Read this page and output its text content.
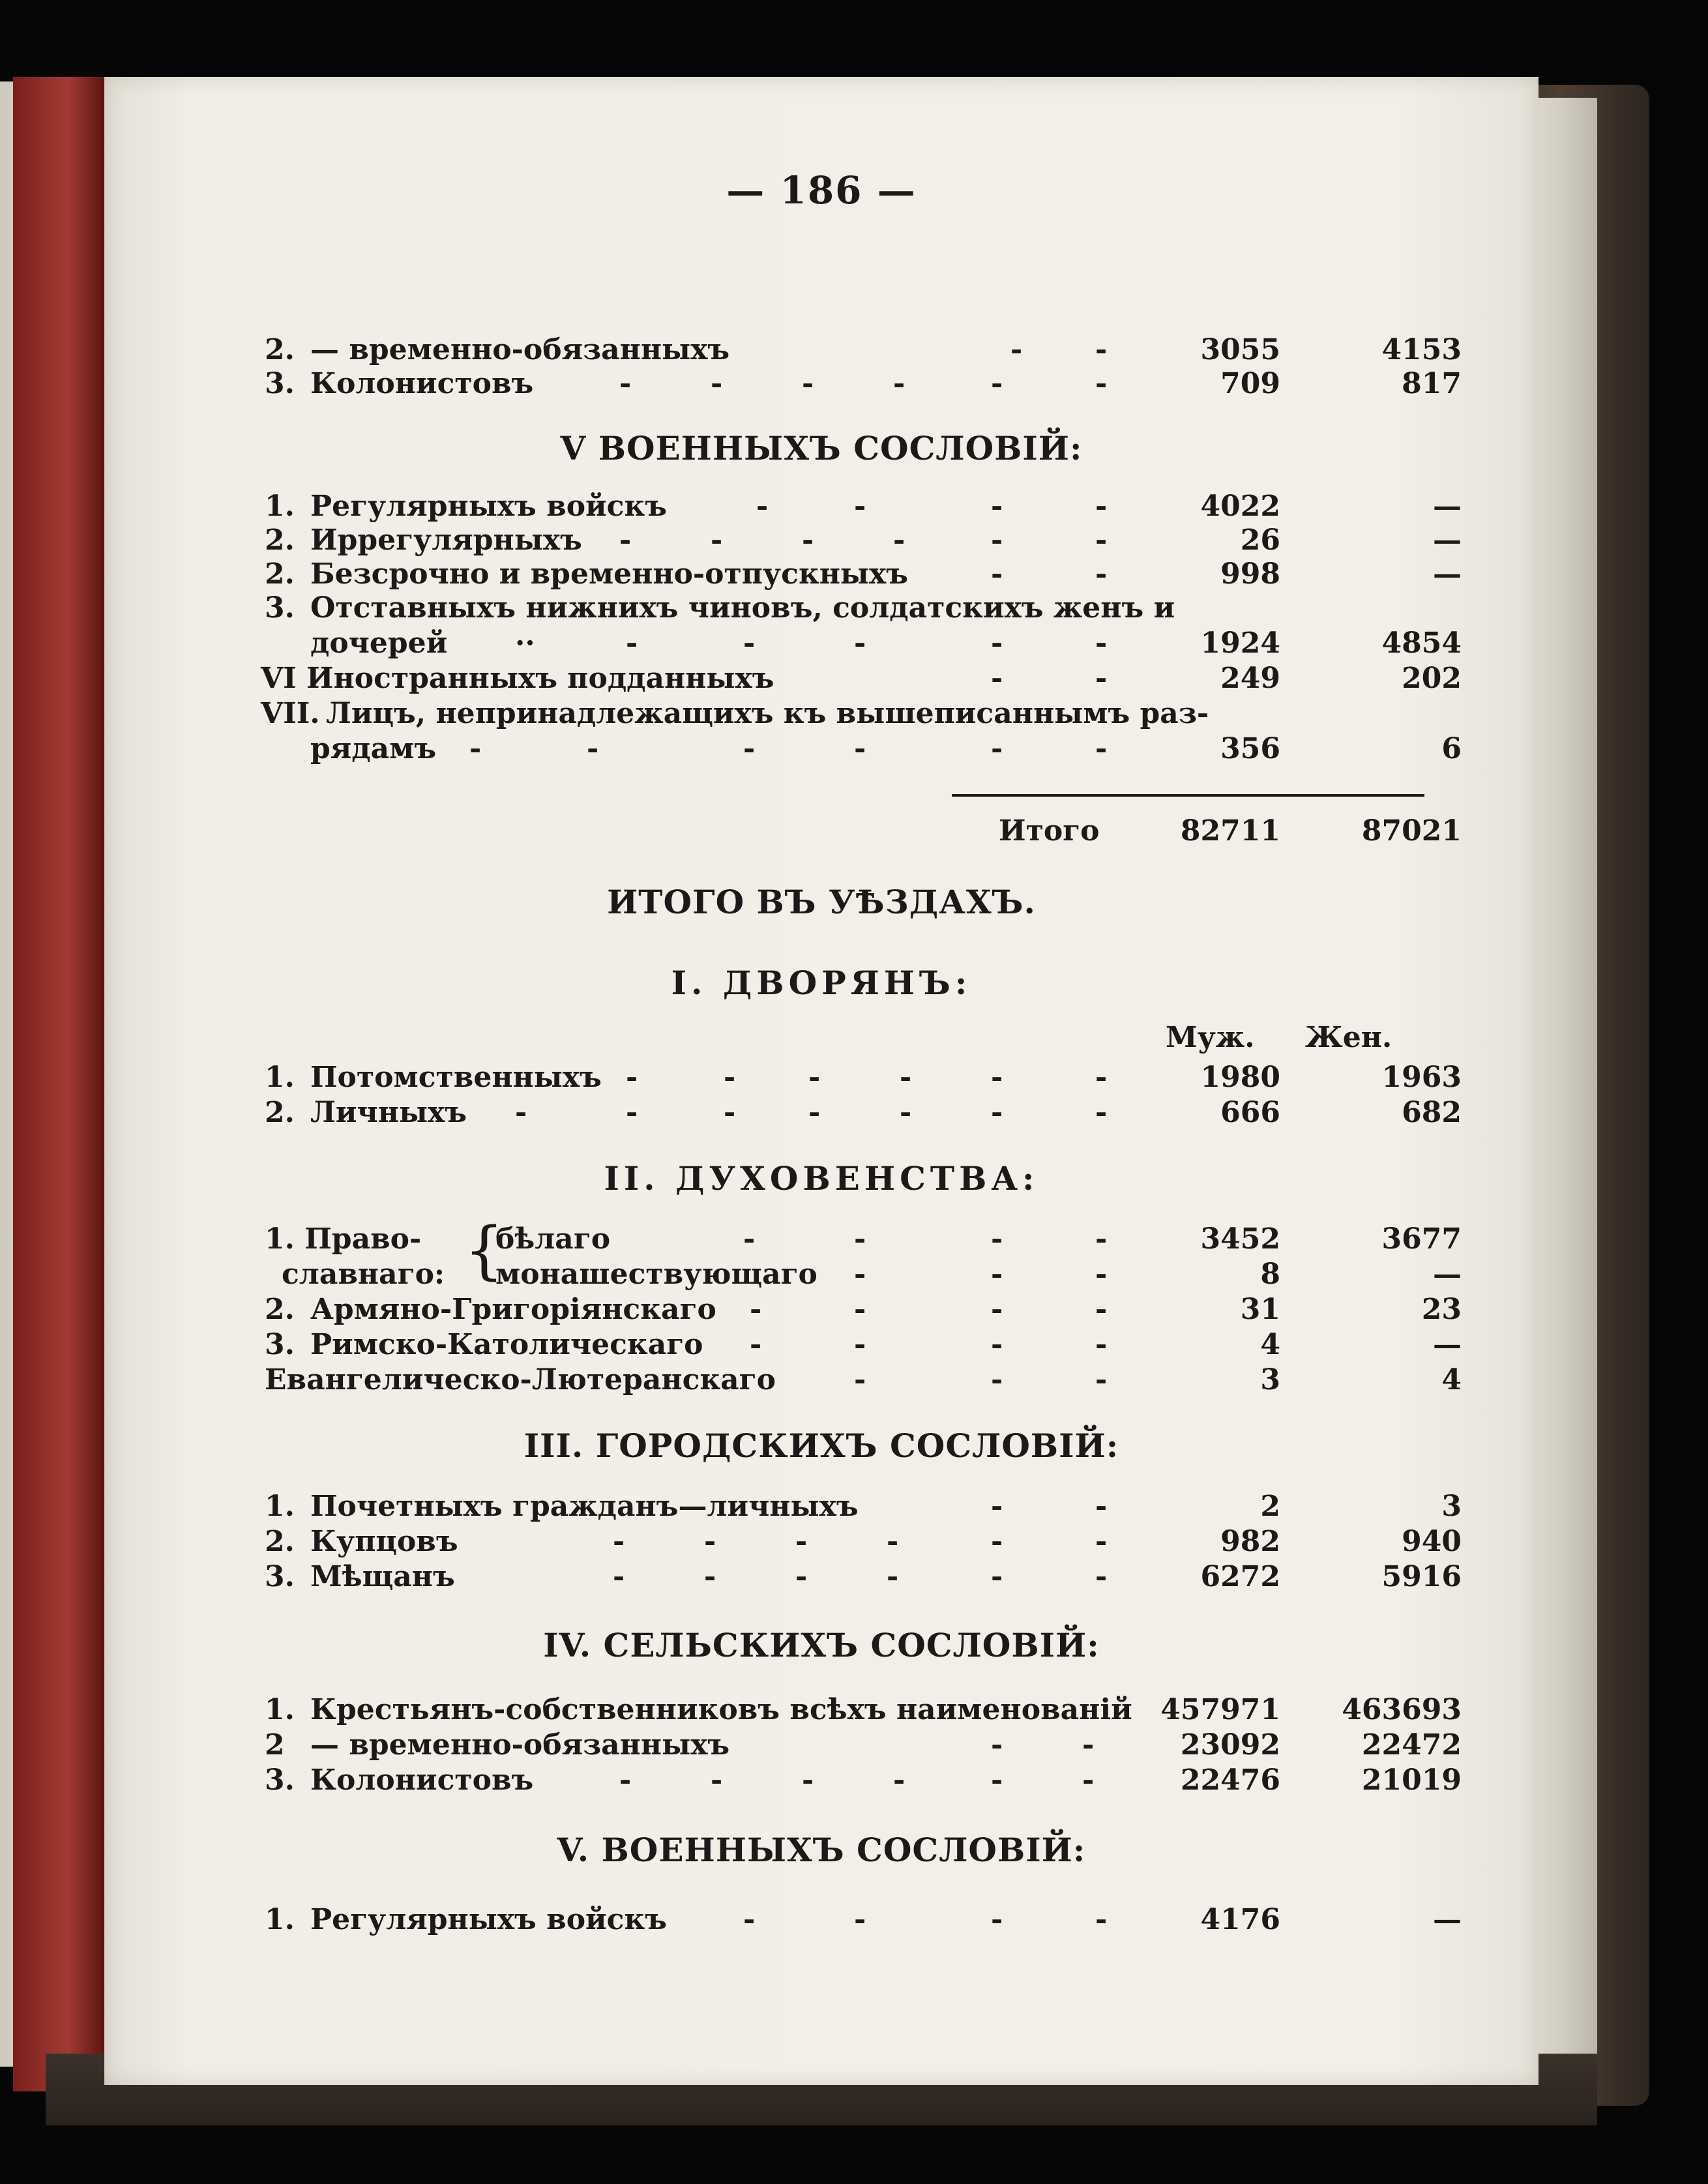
— 186 —
2. — временно-обязанныхъ	-	-	3055	4153
3. Колонистовъ	-	-	-	-	-	-	709	817
V ВОЕННЫХЪ СОСЛОВІЙ:
1. Регулярныхъ войскъ	-	-	-	-	4022	—
2. Иррегулярныхъ -	-	-	-	-	-	26	—
2. Безсрочно и временно-отпускныхъ	-	-	998	—
3. Отставныхъ нижнихъ чиновъ, солдатскихъ женъ и
дочерей ··	-	-	-	-	-	1924	4854
VI Иностранныхъ подданныхъ	-	-	249	202
VII. Лицъ, непринадлежащихъ къ вышеписаннымъ раз-
рядамъ -	-	-	-	-	-	356	6
Итого	82711	87021
ИТОГО ВЪ УѢЗДАХЪ.
I. ДВОРЯНЪ:
Муж. Жен.
1. Потомственныхъ -	-	-	-	-	-	1980	1963
2. Личныхъ -	-	-	-	-	-	-	666	682
II. ДУХОВЕНСТВА:
1. Право-	бѣлаго	-	-	-	-	3452	3677
{
славнаго: монашествующаго -	-	-	8	—
2. Армяно-Григоріянскаго -	-	-	-	31	23
3. Римско-Католическаго -	-	-	-	4	—
Евангелическо-Лютеранскаго	-	-	-	3	4
III. ГОРОДСКИХЪ СОСЛОВІЙ:
1. Почетныхъ гражданъ—личныхъ	-	-	2	3
2. Купцовъ	-	-	-	-	-	-	982	940
3. Мѣщанъ	-	-	-	-	-	-	6272	5916
IV. СЕЛЬСКИХЪ СОСЛОВІЙ:
1. Крестьянъ-собственниковъ всѣхъ наименованій 457971 463693
2 — временно-обязанныхъ	-	-	23092	22472
3. Колонистовъ	-	-	-	-	-	-	22476	21019
V. ВОЕННЫХЪ СОСЛОВІЙ:
1. Регулярныхъ войскъ	-	-	-	-	4176	—
